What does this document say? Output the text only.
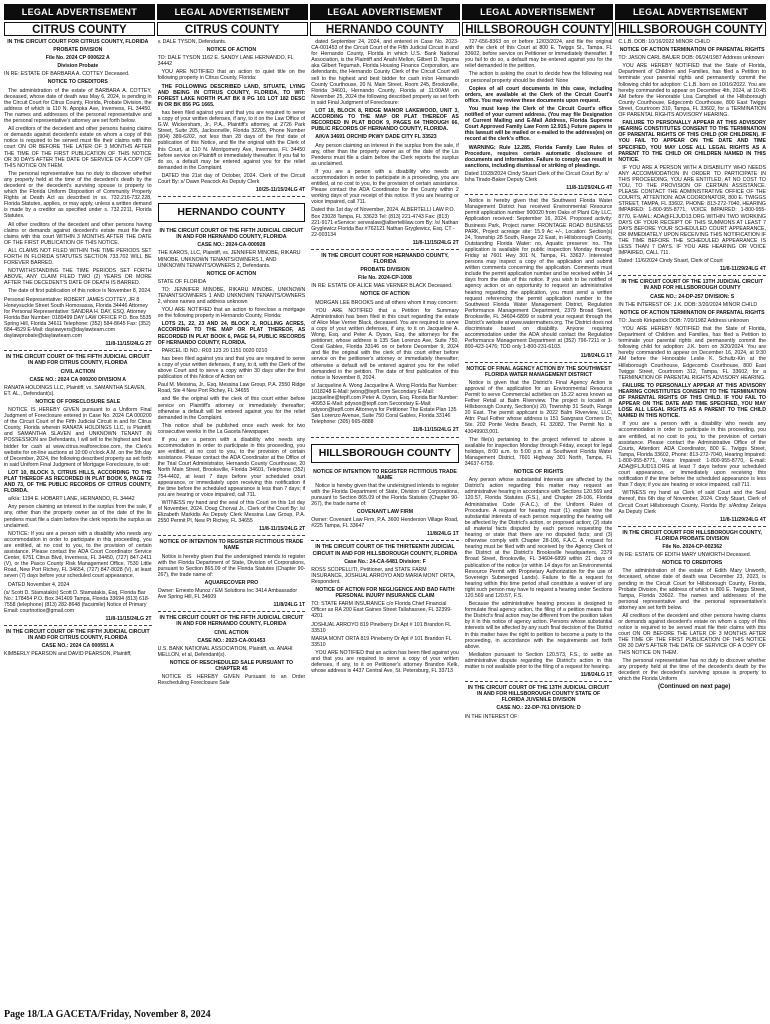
LEGAL ADVERTISEMENT	LEGAL ADVERTISEMENT	LEGAL ADVERTISEMENT	LEGAL ADVERTISEMENT	LEGAL ADVERTISEMENT
CITRUS COUNTY	CITRUS COUNTY	HERNANDO COUNTY	HILLSBOROUGH COUNTY HILLSBOROUGH COUNTY

IN THE CIRCUIT COURT FOR CITRUS COUNTY, FLORIDA

PROBATE DIVISION

File No. 2024 CP 000622 A

Division Probate

IN RE: ESTATE OF BARBARA A. COTTEY Deceased.

NOTICE TO CREDITORS

The administration of the estate of BARBARA A. COTTEY, deceased, whose date of death was May 6, 2024, is pending in the Circuit Court for Citrus County, Florida, Probate Division, the address of which is 110 N. Apopka Ave, Inverness, FL 34450. The names and addresses of the personal representative and the personal representative's attorney are set forth below.

All creditors of the decedent and other persons having claims or demands against decedent's estate on whom a copy of this notice is required to be served must file their claims with this court ON OR BEFORE THE LATER OF 3 MONTHS AFTER THE TIME OF THE FIRST PUBLICATION OF THIS NOTICE OR 30 DAYS AFTER THE DATE OF SERVICE OF A COPY OF THIS NOTICE ON THEM.

The personal representative has no duty to discover whether any property held at the time of the decedent's death by the decedent or the decedent's surviving spouse is property to which the Florida Uniform Disposition of Community Property Rights at Death Act as described in ss. 732.216-732.228, Florida Statutes, applies, or may apply, unless a written demand is made by a creditor as specified under s. 732.2211, Florida Statutes.

All other creditors of the decedent and other persons having claims or demands against decedent's estate must file their claims with this court WITHIN 3 MONTHS AFTER THE DATE OF THE FIRST PUBLICATION OF THIS NOTICE.

ALL CLAIMS NOT FILED WITHIN THE TIME PERIODS SET FORTH IN FLORIDA STATUTES SECTION 733.702 WILL BE FOREVER BARRED.

NOTWITHSTANDING THE TIME PERIODS SET FORTH ABOVE, ANY CLAIM FILED TWO (2) YEARS OR MORE AFTER THE DECEDENT'S DATE OF DEATH IS BARRED.

The date of first publication of this notice is November 8, 2024.

Personal Representative: ROBERT JAMES COTTEY, JR 8 Honeysuckle Street South Homosassa, Florida 34446 Attorney for Personal Representative: SANDRA H. DAY, ESQ. Attorney Florida Bar Number: 0189499 DAY LAW OFFICE P.O. Box 5535 Spring Hill, Florida 34611 Telephone: (352) 584-8645 Fax: (352) 684-4529 E-Mail: dayiawyers@daylawteam.com daylawprobate@daylawteam.com

11/8-11/15/24LG 2T

IN THE CIRCUIT COURT OF THE FIFTH JUDICIAL CIRCUIT IN AND FOR CITRUS COUNTY, FLORIDA

CIVIL ACTION

CASE NO.: 2024 CA 000200 DIVISION A

RANATA HOLDINGS LLC, Plaintiff, vs. SAMANTHA SLAVEN, ET. AL., Defendant(s).

NOTICE OF FORECLOSURE SALE

NOTICE IS HEREBY GIVEN pursuant to a Uniform Final Judgment of Foreclosure entered in Case No. 2024 CA 000200 of the Circuit Court of the Fifth Judicial Circuit in and for Citrus County, Florida wherein RANATA HOLDINGS LLC, is Plaintiff, and SAMANTHA SLAVEN and UNKNOWN TENANT IN POSSESSION are Defendants, I will sell to the highest and best bidder for cash at www.citrus.realforeclose.com, the Clerk's website for on-line auctions at 10:00 o'clock A.M. on the 5th day of December, 2024, the following described property as set forth in said Uniform Final Judgment of Mortgage Foreclosure, to wit:

LOT 10, BLOCK 3, CITRUS HILLS, ACCORDING TO THE PLAT THEREOF AS RECORDED IN PLAT BOOK 9, PAGE 72 AND 73, OF THE PUBLIC RECORDS OF CITRUS COUNTY, FLORIDA.

a/k/a: 1194 E. HOBART LANE, HERNANDO, FL 34442

Any person claiming an interest in the surplus from the sale, if any, other than the property owner as of the date of the lis pendens must file a claim before the clerk reports the surplus as unclaimed.

NOTICE: If you are a person with a disability who needs any accommodation in order to participate in this proceeding, you are entitled, at no cost to you, to the provision of certain assistance. Please contact the ADA Court Coordinator Service Center, 6751 Citrus Blvd, Inverness, FL 34450, (727) 847-2411 (V), or the Pasco County Risk Management Office, 7530 Little Road, New Port Richey, FL 34654, (727) 847-8028 (V), at least seven (7) days before your scheduled court appearance.

DATED November 4, 2024

(s/ Scott D. Stamatakis) Scott D. Stamatakis, Esq. Florida Bar No.: 178454 P.O. Box 341409 Tampa, Florida 33694 (813) 618-7558 (telephone) (813) 282-8648 (facsimile) Notice of Primary Email: courtnotice@gmail.com

11/8-11/15/24LG 2T

IN THE CIRCUIT COURT OF THE FIFTH JUDICIAL CIRCUIT IN AND FOR CITRUS COUNTY, FLORIDA

CASE NO.: 2024 CA 000551 A

KIMBERLY PEARSON and DAVID PEARSON, Plaintiff,

v. DALE TYSON, Defendants.

NOTICE OF ACTION

TO: DALE TYSON 1162 E. SANDY LANE HERNANDO, FL 34442

YOU ARE NOTIFIED that an action to quiet title on the following property in Citrus County, Florida:

THE FOLLOWING DESCRIBED LAND, SITUATE, LYING AND BEING IN CITRUS COUNTY, FLORIDA, TO WIT: FOREST LAKE NORTH PLAT BK 8 PG 101 LOT 182 DESC IN OR BK 856 PG 1665.

has been filed against you and that you are required to serve a copy of your written defenses, if any, to it on the Law Office of G.W. Wickersham, Jr., P.A., Plaintiff's attorney, at 2726 Park Street, Suite 205, Jacksonville, Florida 32205, Phone Number (904) 389-6202, not less than 28 days of the first date of publication of this Notice, and file the original with the Clerk of this Court, at 110 N. Montgomery Ave, Inverness, FL 34450 before service on Plaintiff or immediately thereafter. If you fail to do so, a default may be entered against you for the relief demanded in the Complaint.

DATED this 21st day of October, 2024. Clerk of the Circuit Court By: s/ Dawn Peacock As Deputy Clerk

10/25-11/15/24LG 4T

HERNANDO COUNTY

IN THE CIRCUIT COURT OF THE FIFTH JUDICIAL CIRCUIT IN AND FOR HERNANDO COUNTY, FLORIDA

CASE NO.: 2024-CA-000928

THE KAROS, LLC, Plaintiff, vs. JENNIFER MINOBE, RIKARU MINOBE, UNKNOWN TENANTS/OWNERS 1, AND UNKNOWN TENANTS/OWNERS 2, Defendants.

NOTICE OF ACTION

STATE OF FLORIDA

TO: JENNIFER MINOBE, RIKARU MINOBE, UNKNOWN TENANTS/OWNERS 1 AND UNKNOWN TENANTS/OWNERS 2, whose names and address unknown

YOU ARE NOTIFIED that an action to foreclose a mortgage on the following property in Hernando County, Florida:

LOTS 21, 22, 23 AND 24, BLOCK 2, ROLLING ACRES, ACCORDING TO THE MAP OR PLAT THEREOF, AS RECORDED IN PLAT BOOK 6, PAGE 54, PUBLIC RECORDS OF HERNANDO COUNTY, FLORIDA.

PARCEL ID NO.: R03 123 20 1151 0020 0210

has been filed against you and that you are required to serve a copy of your written defenses, if any, to it, with the Clerk of the above Court and to serve a copy within 30 days after the first publication of this Notice of Action on:

Paul M. Messina, Jr., Esq. Messina Law Group, P.A. 2550 Ridge Road, Ste 4 New Port Richey, FL 34655

and file the original with the clerk of this court either before service on Plaintiff's attorney or immediately thereafter; otherwise a default will be entered against you for the relief demanded in the Complaint.

This notice shall be published once each week for two consecutive weeks in the La Gaceta Newspaper.

If you are a person with a disability who needs any accommodation in order to participate in this proceeding, you are entitled, at no cost to you, to the provision of certain assistance. Please contact the ADA Coordinator at the Office of the Trial Court Administrator, Hernando County Courthouse, 20 North Main Street, Brooksville, Florida 34601, Telephone (352) 754-4402, at least 7 days before your scheduled court appearance, or immediately upon receiving this notification if the time before the scheduled appearance is less than 7 days; if you are hearing or voice impaired, call 711.

WITNESS my hand and the seal of this Court on this 1st day of November, 2024. Doug Chorvat Jr., Clerk of the Court By: /s/ Elizabeth Markidis As Deputy Clerk Messina Law Group, P.A. 2550 Permit Pl, New Pt Richey, FL 34655

11/8-11/15/24LG 2T

NOTICE OF INTENTION TO REGISTER FICTITIOUS TRADE NAME

Notice is hereby given that the undersigned intends to register with the Florida Department of State, Division of Corporations, pursuant to Section 865.09 of the Florida Statutes (Chapter 90-267), the trade name of:

AQUARECOVER PRO

Owner: Ernesto Munoz / EM Solutions Inc 3414 Ambassador Ave Spring Hill, FL 34609

11/8/24LG 1T

IN THE CIRCUIT COURT OF THE FIFTH JUDICIAL CIRCUIT IN AND FOR HERNANDO COUNTY, FLORIDA

CIVIL ACTION

CASE NO.: 2023-CA-001453

U.S. BANK NATIONAL ASSOCIATION, Plaintiff, vs. ANAHI MELLON, et al, Defendant(s).

NOTICE OF RESCHEDULED SALE PURSUANT TO CHAPTER 45

NOTICE IS HEREBY GIVEN Pursuant to an Order Rescheduling Foreclosure Sale

dated September 24, 2024, and entered in Case No. 2023-CA-001453 of the Circuit Court of the Fifth Judicial Circuit in and for Hernando County, Florida in which U.S. Bank National Association, is the Plaintiff and Anahi Mellon, Gilbert D. Teguma aka Gilbert Tegumah, Florida Housing Finance Corporation, are defendants, the Hernando County Clerk of the Circuit Court will sell to the highest and best bidder for cash in/on Hernando County Courthouse, 20 N. Main Street, Room 245, Brooksville, Florida 34601, Hernando County, Florida at 11:00AM on November 25, 2024 the following described property as set forth in said Final Judgment of Foreclosure:

LOT 18, BLOCK 8, RIDGE MANOR LAKEWOOD, UNIT 3, ACCORDING TO THE MAP OR PLAT THEREOF AS RECORDED IN PLAT BOOK 9, PAGES 64 THROUGH 66, PUBLIC RECORDS OF HERNANDO COUNTY, FLORIDA.

A/K/A 34691 ORCHID PKWY DADE CITY FL 33523

Any person claiming an interest in the surplus from the sale, if any, other than the property owner as of the date of the Lis Pendens must file a claim before the Clerk reports the surplus as unclaimed.

If you are a person with a disability who needs an accommodation in order to participate in a proceeding, you are entitled, at no cost to you, to the provision of certain assistance. Please contact the ADA Coordinator for the County within 2 working days of your receipt of this notice. If you are hearing or voice impaired, call 711.

Dated this 1st day of November, 2024. ALBERTELLI LAW P.O. Box 23028 Tampa, FL 33623 Tel: (813) 221-4743 Fax: (813) 221-9171 eService: servealaw@albertellilaw.com By: /s/ Nathan Gryglewicz Florida Bar #762121 Nathan Gryglewicz, Esq. CT - 22-003134

11/8-11/15/24LG 2T

IN THE CIRCUIT COURT FOR HERNANDO COUNTY, FLORIDA

PROBATE DIVISION

File No. 2024-CP-1008

IN RE: ESTATE OF ALICE MAE VERNER BLACK Deceased.

NOTICE OF ACTION

MORGAN LEE BROOKS and all others whom it may concern:

YOU ARE NOTIFIED that a Petition for Summary Administration has been filed in this court regarding the estate of Alice Mae Verner Black, deceased. You are required to serve a copy of your written defenses, if any, to it on Jacqueline A. Wong, Esq. and Peter A. Dyson, Esq. the attorneys for the petitioner, whose address is 135 San Lorenzo Ave, Suite 750, Coral Gables, Florida 33146 on or before December 9, 2024 and file the original with the clerk of this court either before service on the petitioner's attorney or immediately thereafter; otherwise a default will be entered against you for the relief demanded in the petition. The date of first publication of this notice is November 8, 2024.

s/ Jacqueline A. Wong Jacqueline A. Wong Florida Bar Number: 1018248 E-Mail: jwong@tepfl.com Secondary E-Mail: jacqueline@tepfl.com Peter A. Dyson, Esq. Florida Bar Number: 40953 E-Mail: pdyson@tepfl.com Secondary E-Mail: pdyson@tepfl.com Attorneys for Petitioner The Estate Plan 135 San Lorenzo Avenue, Suite 750 Coral Gables, Florida 33146 Telephone: (305) 665-8888

11/8-11/15/24LG 2T

HILLSBOROUGH COUNTY

NOTICE OF INTENTION TO REGISTER FICTITIOUS TRADE NAME

Notice is hereby given that the undersigned intends to register with the Florida Department of State, Division of Corporations, pursuant to Section 865.09 of the Florida Statutes (Chapter 90-267), the trade name of:

COVENANT LAW FIRM

Owner: Covenant Law Firm, P.A. 3600 Henderson Village Road, #225 Tampa, FL 33647

11/8/24LG 1T

IN THE CIRCUIT COURT OF THE THIRTEENTH JUDICIAL CIRCUIT IN AND FOR HILLSBOROUGH COUNTY, FLORIDA

Case No.: 24-CA-6481 Division: F

ROSS SCOPELLITI, Petitioner, and STATE FARM INSURANCE, JOSHUAL ARROYO AND MARIA MONT ORTA, Respondent.

NOTICE OF ACTION FOR NEGLIGENCE AND BAD FAITH PERSONAL INJURY INSURANCE CLAIM

TO: STATE FARM INSURANCE c/o Florida Chief Financial Officer as RA 200 East Gaines Street Tallahassee, FL 32399-4201

JOSHUAL ARROYO 819 Pineberry Dr Apt # 101 Brandon FL 33510

MARIA MONT ORTA 819 Pineberry Dr Apt # 101 Brandon FL 33510

YOU ARE NOTIFIED that an action has been filed against you and that you are required to serve a copy of your written defenses, if any, to it on Petitioner's attorney Brandon Kelk, whose address is 4437 Central Ave, St. Petersburg, FL 33713

727-656-8363 on or before 12/03/2024, and file the original with the clerk of this Court at 800 E. Twiggs St., Tampa, FL 33602, before service on Petitioner or immediately thereafter. If you fail to do so, a default may be entered against you for the relief demanded in the petition.

The action is asking the court to decide how the following real or personal property should be divided: None

Copies of all court documents in this case, including orders, are available at the Clerk of the Circuit Court's office. You may review these documents upon request.

You must keep the Clerk of the Circuit Court's office notified of your current address. (You may file Designation of Current Mailing and E-Mail Address, Florida Supreme Court Approved Family Law Form 12.915.) Future papers in this lawsuit will be mailed or e-mailed to the address(es) on record at the clerk's office.

WARNING: Rule 12.285, Florida Family Law Rules of Procedure, requires certain automatic disclosure of documents and information. Failure to comply can result in sanctions, including dismissal or striking of pleadings.

Dated 10/28/2024 Cindy Stuart Clerk of the Circuit Court By: s/ Isha Tirado-Baker Deputy Clerk

11/8-11/29/24LG 4T

Notice is hereby given that the Southwest Florida Water Management District has received Environmental Resource permit application number 900020 from Oaks of Plant City LLC, Application received: September 16, 2024, Proposed activity: Business Park, Project name: FRONTAGE ROAD BUSINESS PARK, Project acreage site: 15.9 Ac +/-, Location: Section(s) 24, Township 28 South, Range 22 East, in Hillsborough County, Outstanding Florida Water: no, Aquatic preserve: no. The application is available for public inspection Monday through Friday at 7601 Hwy 301 N, Tampa, FL 33637. Interested persons may inspect a copy of the application and submit written comments concerning the application. Comments must include the permit application number and be received within 14 days from the date of this notice. If you wish to be notified of agency action or an opportunity to request an administrative hearing regarding the application, you must send a written request referencing the permit application number to the Southwest Florida Water Management District, Regulation Performance Management Department, 2379 Broad Street, Brooksville, FL 34604-6899 or submit your request through the District's website at www.watermatters.org. The District does not discriminate based on disability. Anyone requiring accommodation under the ADA should contact the Regulation Performance Management Department at (352) 796-7211 or 1-800-423-1476; TDD only 1-800-231-6103.

11/8/24LG 1T

NOTICE OF FINAL AGENCY ACTION BY THE SOUTHWEST FLORIDA WATER MANAGEMENT DISTRICT

Notice is given that the District's Final Agency Action is approval of the application for an Environmental Resource Permit to serve Commercial activities on 15.22 acres known as Fether Retail at Balm Riverview. The project is located in Hillsborough County, Section(s) 20, Township 31 South, Range 20 East. The permit applicant is 2022 Balm Riverview, LLC, Attn: Paul Fother whose address is 151 Sawgrass Corners Dr, Ste. 202 Ponte Vedra Beach, FL 32082. The Permit No. is 43049903.001.

The file(s) pertaining to the project referred to above is available for inspection Monday through Friday, except for legal holidays, 8:00 a.m. to 5:00 p.m. at Southwest Florida Water Management District, 7601 Highway 301 North, Tampa, FL 34637-6759.

NOTICE OF RIGHTS

Any person whose substantial interests are affected by the District's action regarding this matter may request an administrative hearing in accordance with Sections 120.569 and 120.57, Florida Statutes (F.S.), and Chapter 28-106, Florida Administrative Code (F.A.C.), of the Uniform Rules of Procedure. A request for hearing must (1) explain how the substantial interests of each person requesting the hearing will be affected by the District's action, or proposed action; (2) state all material facts disputed by each person requesting the hearing or state that there are no disputed facts; and (3) otherwise comply with Chapter 28-106, F.A.C. A request for hearing must be filed with and received by the Agency Clerk of the District at the District's Brooksville headquarters, 2379 Broad Street, Brooksville, FL 34604-6899 within 21 days of publication of the notice (or within 14 days for an Environmental Resource Permit with Proprietary Authorization for the use of Sovereign Submerged Lands). Failure to file a request for hearing within this time period shall constitute a waiver of any right such person may have to request a hearing under Sections 120.569 and 120.57, F.S.

Because the administrative hearing process is designed to formulate final agency action, the filing of a petition means that the District's final action may be different from the position taken by it in this notice of agency action. Persons whose substantial interests will be affected by any such final decision of the District in this matter have the right to petition to become a party to the proceeding, in accordance with the requirements set forth above.

Mediation pursuant to Section 120.573, F.S., to settle an administrative dispute regarding the District's action in this matter is not available prior to the filing of a request for hearing.

11/8/24LG 1T

IN THE CIRCUIT COURT OF THE 13TH JUDICIAL CIRCUIT IN AND FOR HILLSBOROUGH COUNTY STATE OF FLORIDA JUVENILE DIVISION

CASE NO.: 22-DP-761 DIVISION: D

IN THE INTEREST OF:

C.L.B. DOB: 10/16/2022 MINOR CHILD

NOTICE OF ACTION TERMINATION OF PARENTAL RIGHTS

TO: JASON CARL BAUER DOB: 06/24/1987 Address unknown

YOU ARE HEREBY NOTIFIED that the State of Florida, Department of Children and Families, has filed a Petition to terminate your parental rights and permanently commit the following child for adoption: C.L.B. born on 10/16/2022. You are hereby commanded to appear on December 4th, 2024, at 10:45 AM before the Honorable Lisa Campbell at the Hillsborough County Courthouse, Edgecomb Courthouse, 800 East Twiggs Street, Courtroom 310, Tampa, FL 33602, for a TERMINATION OF PARENTAL RIGHTS ADVISORY HEARING.

FAILURE TO PERSONALLY APPEAR AT THIS ADVISORY HEARING CONSTITUTES CONSENT TO THE TERMINATION OF PARENTAL RIGHTS OF THIS CHILD (OR CHILDREN). IF YOU FAIL TO APPEAR ON THE DATE AND TIME SPECIFIED, YOU MAY LOSE ALL LEGAL RIGHTS AS A PARENT TO THE CHILD OR CHILDREN NAMED IN THIS NOTICE.

IF YOU ARE A PERSON WITH A DISABILITY WHO NEEDS ANY ACCOMMODATION IN ORDER TO PARTICIPATE IN THIS PROCEEDING, YOU ARE ENTITLED, AT NO COST TO YOU, TO THE PROVISION OF CERTAIN ASSISTANCE. PLEASE CONTACT THE ADMINISTRATIVE OFFICE OF THE COURTS, ATTENTION: ADA COORDINATOR, 800 E. TWIGGS STREET, TAMPA, FL 33602, PHONE: 813-272-7040, HEARING IMPAIRED: 1-800-955-8771, VOICE IMPAIRED: 1-800-955-8770, E-MAIL: ADA@FLJUD13.ORG WITHIN TWO WORKING DAYS OF YOUR RECEIPT OF THIS SUMMONS AT LEAST 7 DAYS BEFORE YOUR SCHEDULED COURT APPEARANCE, OR IMMEDIATELY UPON RECEIVING THIS NOTIFICATION IF THE TIME BEFORE THE SCHEDULED APPEARANCE IS LESS THAN 7 DAYS. IF YOU ARE HEARING OR VOICE IMPAIRED, CALL 711.

Dated: 11/6/2024 Cindy Stuart, Clerk of Court

11/8-11/29/24LG 4T

IN THE CIRCUIT COURT OF THE 13TH JUDICIAL CIRCUIT IN AND FOR HILLSBOROUGH COUNTY

CASE NO.: 24-DP-257 DIVISION: S

IN THE INTEREST OF: J.K. DOB: 3/20/2024 MINOR CHILD

NOTICE OF ACTION TERMINATION OF PARENTAL RIGHTS

TO: Jacob Kirkpatrick DOB: 7/20/1982 Address unknown

YOU ARE HEREBY NOTIFIED that the State of Florida, Department of Children and Families, has filed a Petition to terminate your parental rights and permanently commit the following child for adoption: J.K. born on 3/20/2024. You are hereby commanded to appear on December 16, 2024, at 9:30 AM before the Honorable Leslie K. Schultz-Kin at the Hillsborough Courthouse, Edgecomb Courthouse, 800 East Twiggs Street, Courtroom 312, Tampa, FL 33602, for a TERMINATION OF PARENTAL RIGHTS ADVISORY HEARING.

FAILURE TO PERSONALLY APPEAR AT THIS ADVISORY HEARING CONSTITUTES CONSENT TO THE TERMINATION OF PARENTAL RIGHTS OF THIS CHILD. IF YOU FAIL TO APPEAR ON THE DATE AND TIME SPECIFIED, YOU MAY LOSE ALL LEGAL RIGHTS AS A PARENT TO THE CHILD NAMED IN THIS NOTICE.

If you are a person with a disability who needs any accommodation in order to participate in this proceeding, you are entitled, at no cost to you, to the provision of certain assistance. Please contact the Administrative Office of the Courts, Attention: ADA Coordinator, 800 E. Twiggs Street, Tampa, Florida 33602, Phone: 813-272-7040, Hearing Impaired: 1-800-955-8771, Voice Impaired: 1-800-955-8770, E-mail: ADA@FLJUD13.ORG at least 7 days before your scheduled court appearance, or immediately upon receiving this notification if the time before the scheduled appearance is less than 7 days; if you are hearing or voice impaired, call 711.

WITNESS my hand as Clerk of said Court and the Seal thereof, this 6th day of November, 2024. Cindy Stuart, Clerk of Circuit Court Hillsborough County, Florida By: s/Ardray Zelaya As Deputy Clerk

11/8-11/29/24LG 4T

IN THE CIRCUIT COURT FOR HILLSBOROUGH COUNTY, FLORIDA PROBATE DIVISION

File No. 2024-CP-002362

IN RE: ESTATE OF EDITH MARY UNWORTH Deceased.

NOTICE TO CREDITORS

The administration of the estate of Edith Mary Unworth, deceased, whose date of death was December 23, 2023, is pending in the Circuit Court for Hillsborough County, Florida, Probate Division, the address of which is 800 E. Twiggs Street, Tampa, Florida 33602. The names and addresses of the personal representative and the personal representative's attorney are set forth below.

All creditors of the decedent and other persons having claims or demands against decedent's estate on whom a copy of this notice is required to be served must file their claims with this court ON OR BEFORE THE LATER OF 3 MONTHS AFTER THE TIME OF THE FIRST PUBLICATION OF THIS NOTICE OR 30 DAYS AFTER THE DATE OF SERVICE OF A COPY OF THIS NOTICE ON THEM.

The personal representative has no duty to discover whether any property held at the time of the decedent's death by the decedent or the decedent's surviving spouse is property to which the Florida Uniform

(Continued on next page)

Page 18/LA GACETA/Friday, November 8, 2024
